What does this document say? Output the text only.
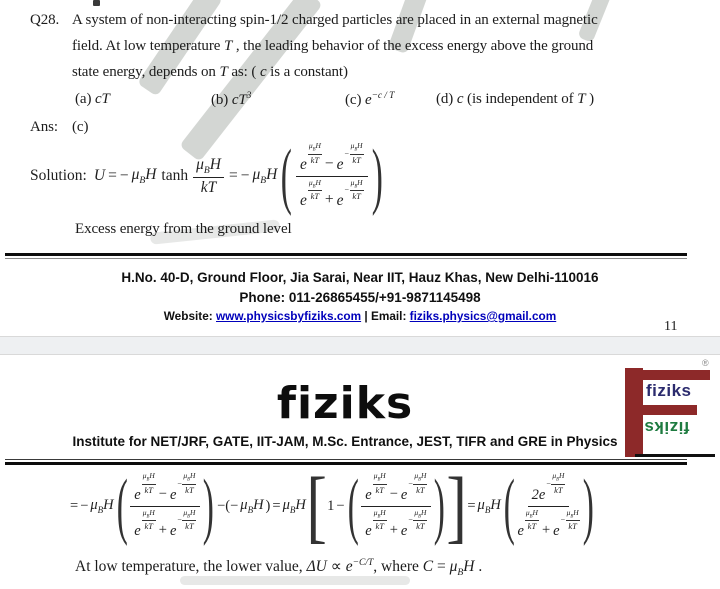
Q28. A system of non-interacting spin-1/2 charged particles are placed in an external magnetic
field. At low temperature T , the leading behavior of the excess energy above the ground
state energy, depends on T as: ( c is a constant)
(a) cT	(b) $cT^3$	(c) $e^{-c / T}$	(d) c (is independent of T )
Ans: (c)
Solution: U = − $\mu_BH$ tanh
$\mu_BH$
kT
= − $\mu_BH$ ( e
$\mu_BH$
kT − e
−
$\mu_BH$
kT
e
$\mu_BH$
kT + e
−
$\mu_BH$
kT )
Excess energy from the ground level
H.No. 40-D, Ground Floor, Jia Sarai, Near IIT, Hauz Khas, New Delhi-110016
Phone: 011-26865455/+91-9871145498
Website: www.physicsbyfiziks.com | Email: fiziks.physics@gmail.com
11
fiziks
Institute for NET/JRF, GATE, IIT-JAM, M.Sc. Entrance, JEST, TIFR and GRE in Physics
®
fiziks
fiziks
= − $\mu_BH$ ( e
$\mu_BH$
kT − e
−
$\mu_BH$
kT
e
$\mu_BH$
kT + e
−
$\mu_BH$
kT ) −(− $\mu_BH$ ) = $\mu_BH$ [ 1 − ( e
$\mu_BH$
kT − e
−
$\mu_BH$
kT
e
$\mu_BH$
kT + e
−
$\mu_BH$
kT ) ] = $\mu_BH$ ( 2e
−
$\mu_BH$
kT
e
$\mu_BH$
kT + e
−
$\mu_BH$
kT )
At low temperature, the lower value, $\Delta U \propto e^{-C/T}$, where $C = \mu_BH$ .
